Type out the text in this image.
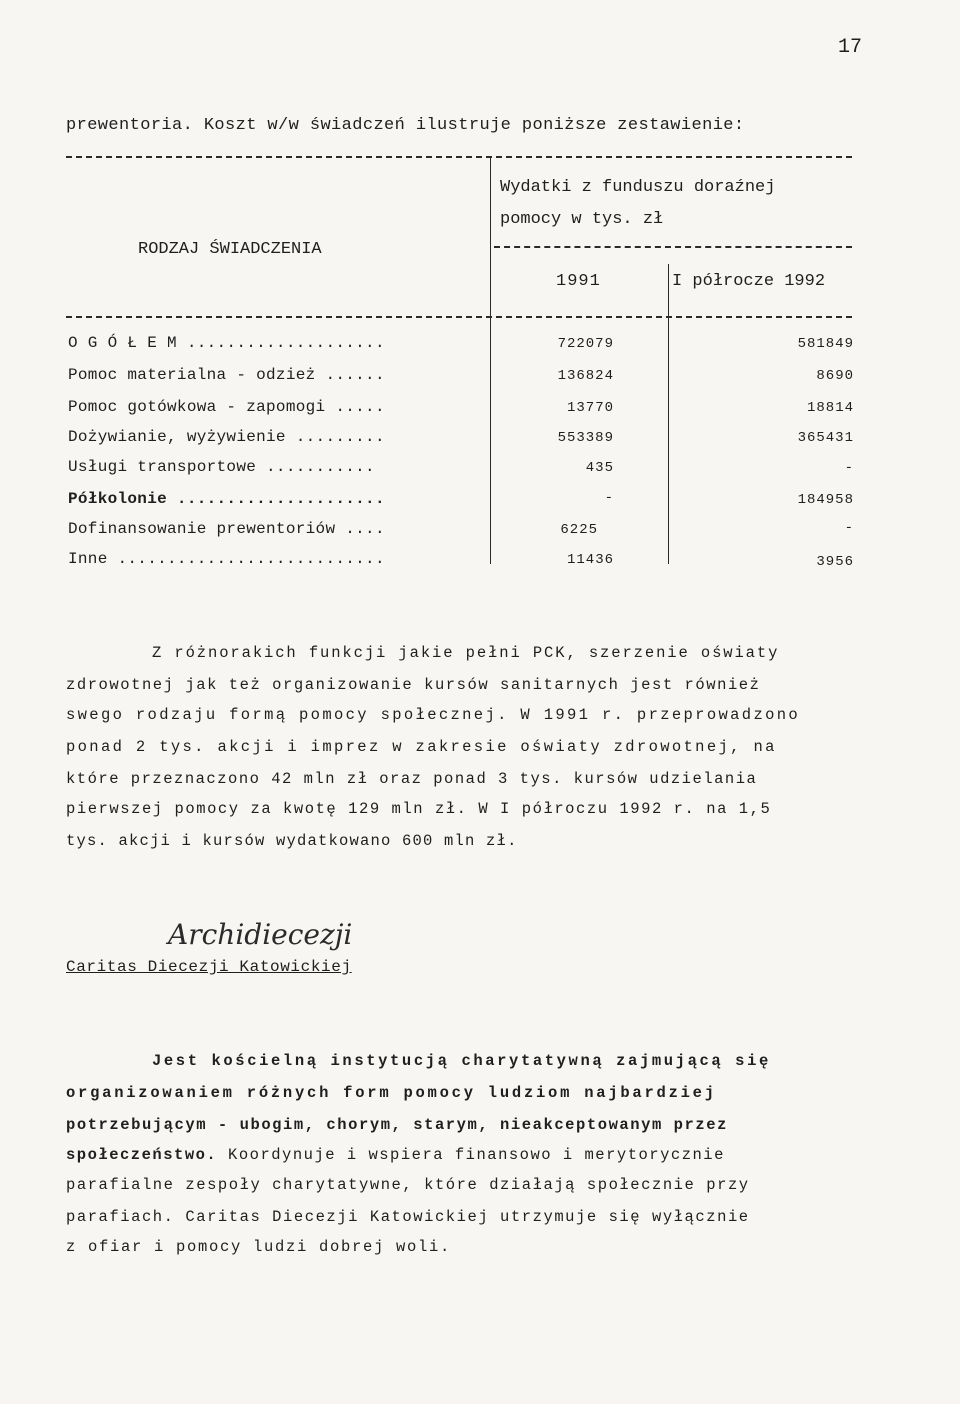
17
prewentoria. Koszt w/w świadczeń ilustruje poniższe zestawienie:
RODZAJ ŚWIADCZENIA
Wydatki z funduszu doraźnej
pomocy w tys. zł
1991	I półrocze 1992
O G Ó Ł E M ....................	722079	581849
Pomoc materialna - odzież ......	136824	8690
Pomoc gotówkowa - zapomogi .....	13770	18814
Dożywianie, wyżywienie .........	553389	365431
Usługi transportowe ...........	435	-
Półkolonie .....................	-	184958
Dofinansowanie prewentoriów ....	6225	-
Inne ...........................	11436	3956
Z różnorakich funkcji jakie pełni PCK, szerzenie oświaty
zdrowotnej jak też organizowanie kursów sanitarnych jest również
swego rodzaju formą pomocy społecznej. W 1991 r. przeprowadzono
ponad 2 tys. akcji i imprez w zakresie oświaty zdrowotnej, na
które przeznaczono 42 mln zł oraz ponad 3 tys. kursów udzielania
pierwszej pomocy za kwotę 129 mln zł. W I półroczu 1992 r. na 1,5
tys. akcji i kursów wydatkowano 600 mln zł.
Archidiecezji
Caritas Diecezji Katowickiej
Jest kościelną instytucją charytatywną zajmującą się
organizowaniem różnych form pomocy ludziom najbardziej
potrzebującym - ubogim, chorym, starym, nieakceptowanym przez
społeczeństwo. Koordynuje i wspiera finansowo i merytorycznie
parafialne zespoły charytatywne, które działają społecznie przy
parafiach. Caritas Diecezji Katowickiej utrzymuje się wyłącznie
z ofiar i pomocy ludzi dobrej woli.
